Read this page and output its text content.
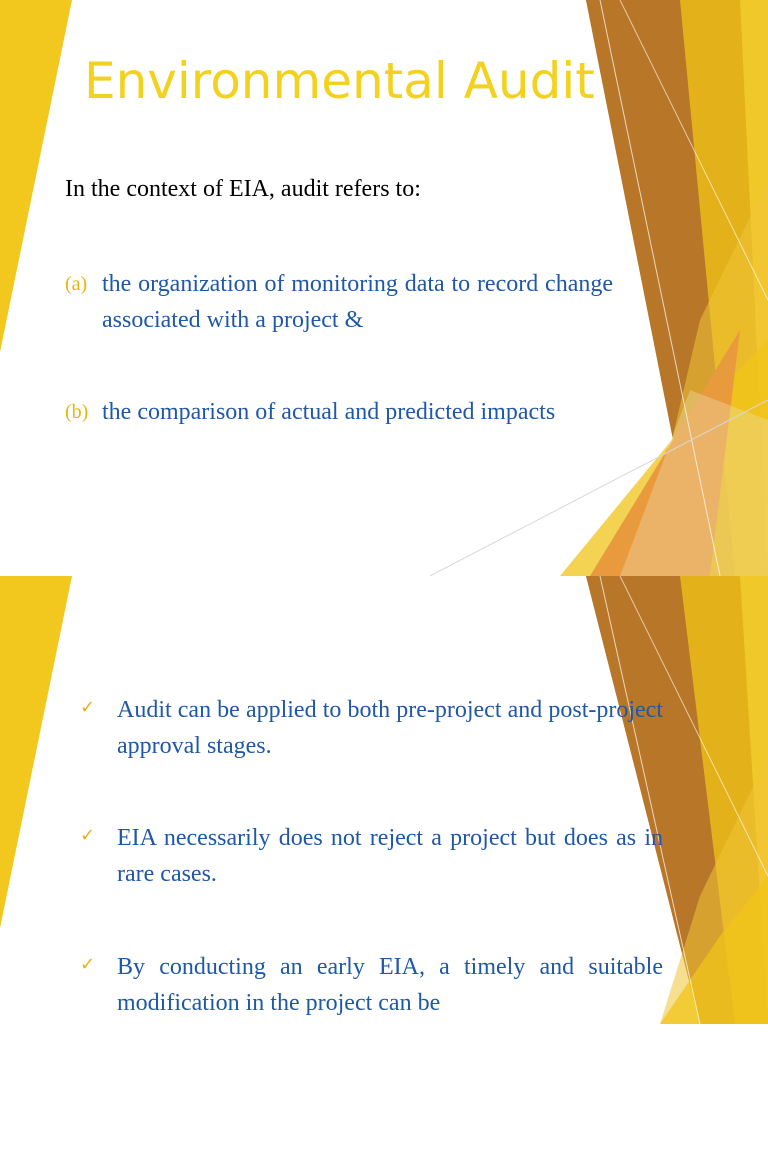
Environmental Audit

In the context of EIA, audit refers to:

(a) the organization of monitoring data to record change associated with a project &
(b) the comparison of actual and predicted impacts
✓ Audit can be applied to both pre-project and post-project approval stages.
✓ EIA necessarily does not reject a project but does as in rare cases.
✓ By conducting an early EIA, a timely and suitable modification in the project can be
